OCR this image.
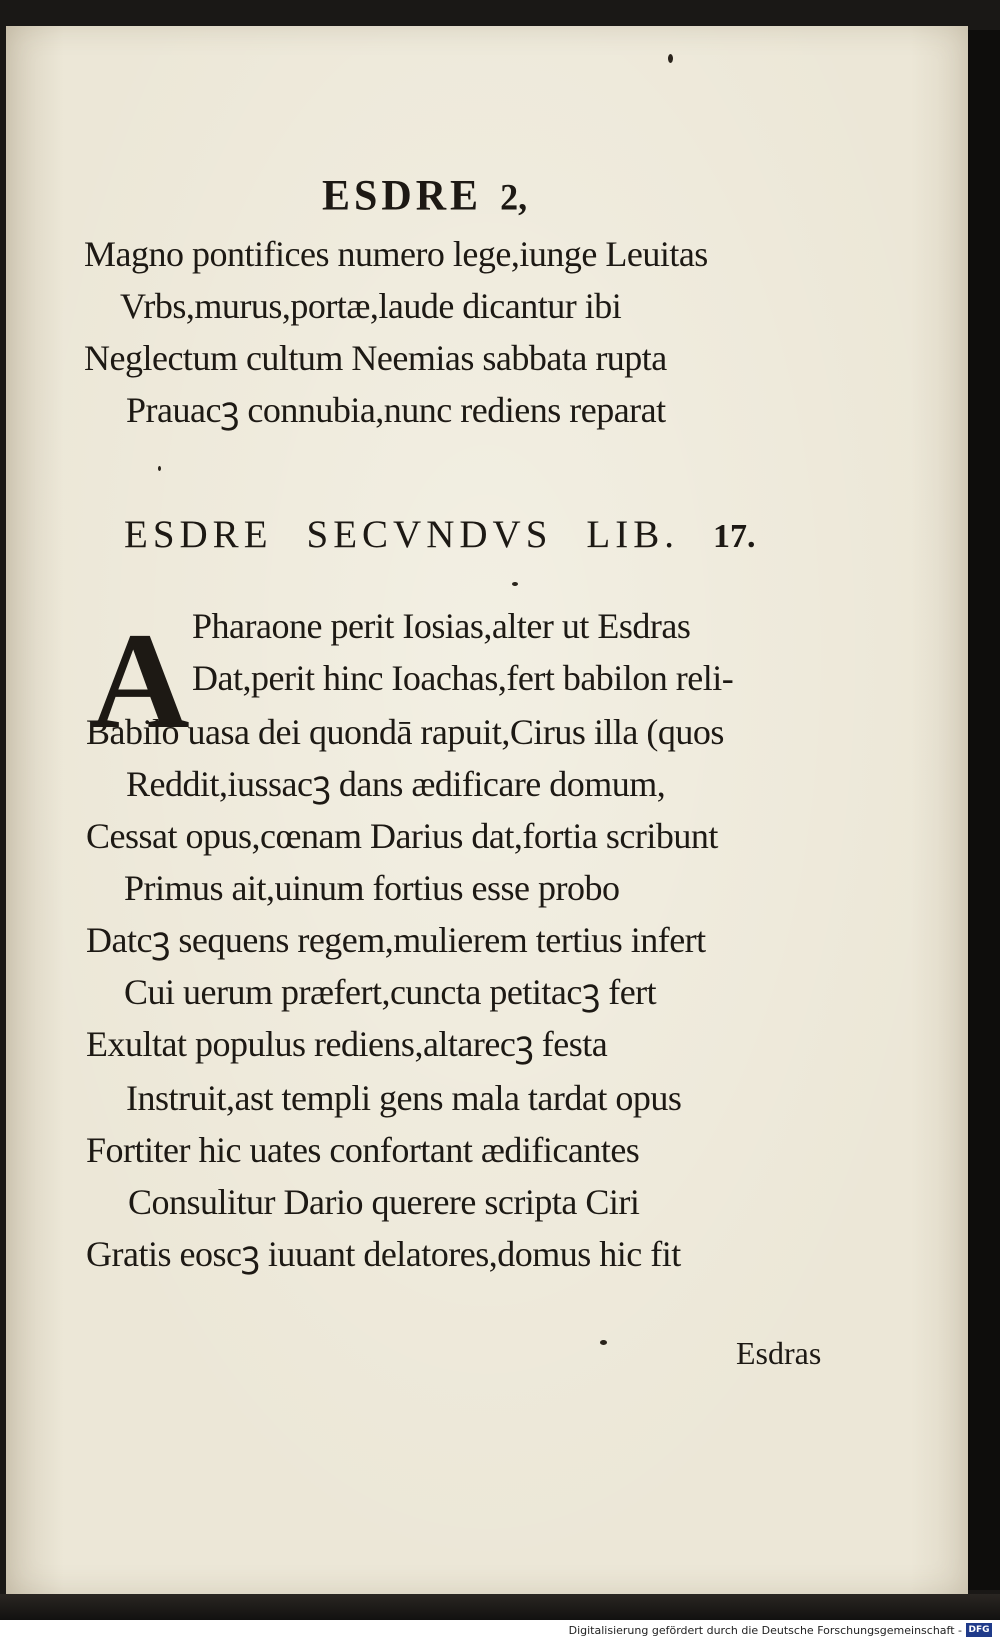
ESDRE 2,
Magno pontifices numero lege,iunge Leuitas
Vrbs,murus,portæ,laude dicantur ibi
Neglectum cultum Neemias sabbata rupta
Prauacꝫ connubia,nunc rediens reparat
ESDRE SECVNDVS LIB. 17.
A Pharaone perit Iosias,alter ut Esdras
Dat,perit hinc Ioachas,fert babilon reli-
Babilō uasa dei quondā rapuit,Cirus illa (quos
Reddit,iussacꝫ dans ædificare domum,
Cessat opus,cœnam Darius dat,fortia scribunt
Primus ait,uinum fortius esse probo
Datcꝫ sequens regem,mulierem tertius infert
Cui uerum præfert,cuncta petitacꝫ fert
Exultat populus rediens,altarecꝫ festa
Instruit,ast templi gens mala tardat opus
Fortiter hic uates confortant ædificantes
Consulitur Dario querere scripta Ciri
Gratis eoscꝫ iuuant delatores,domus hic fit
Esdras
Digitalisierung gefördert durch die Deutsche Forschungsgemeinschaft - DFG
